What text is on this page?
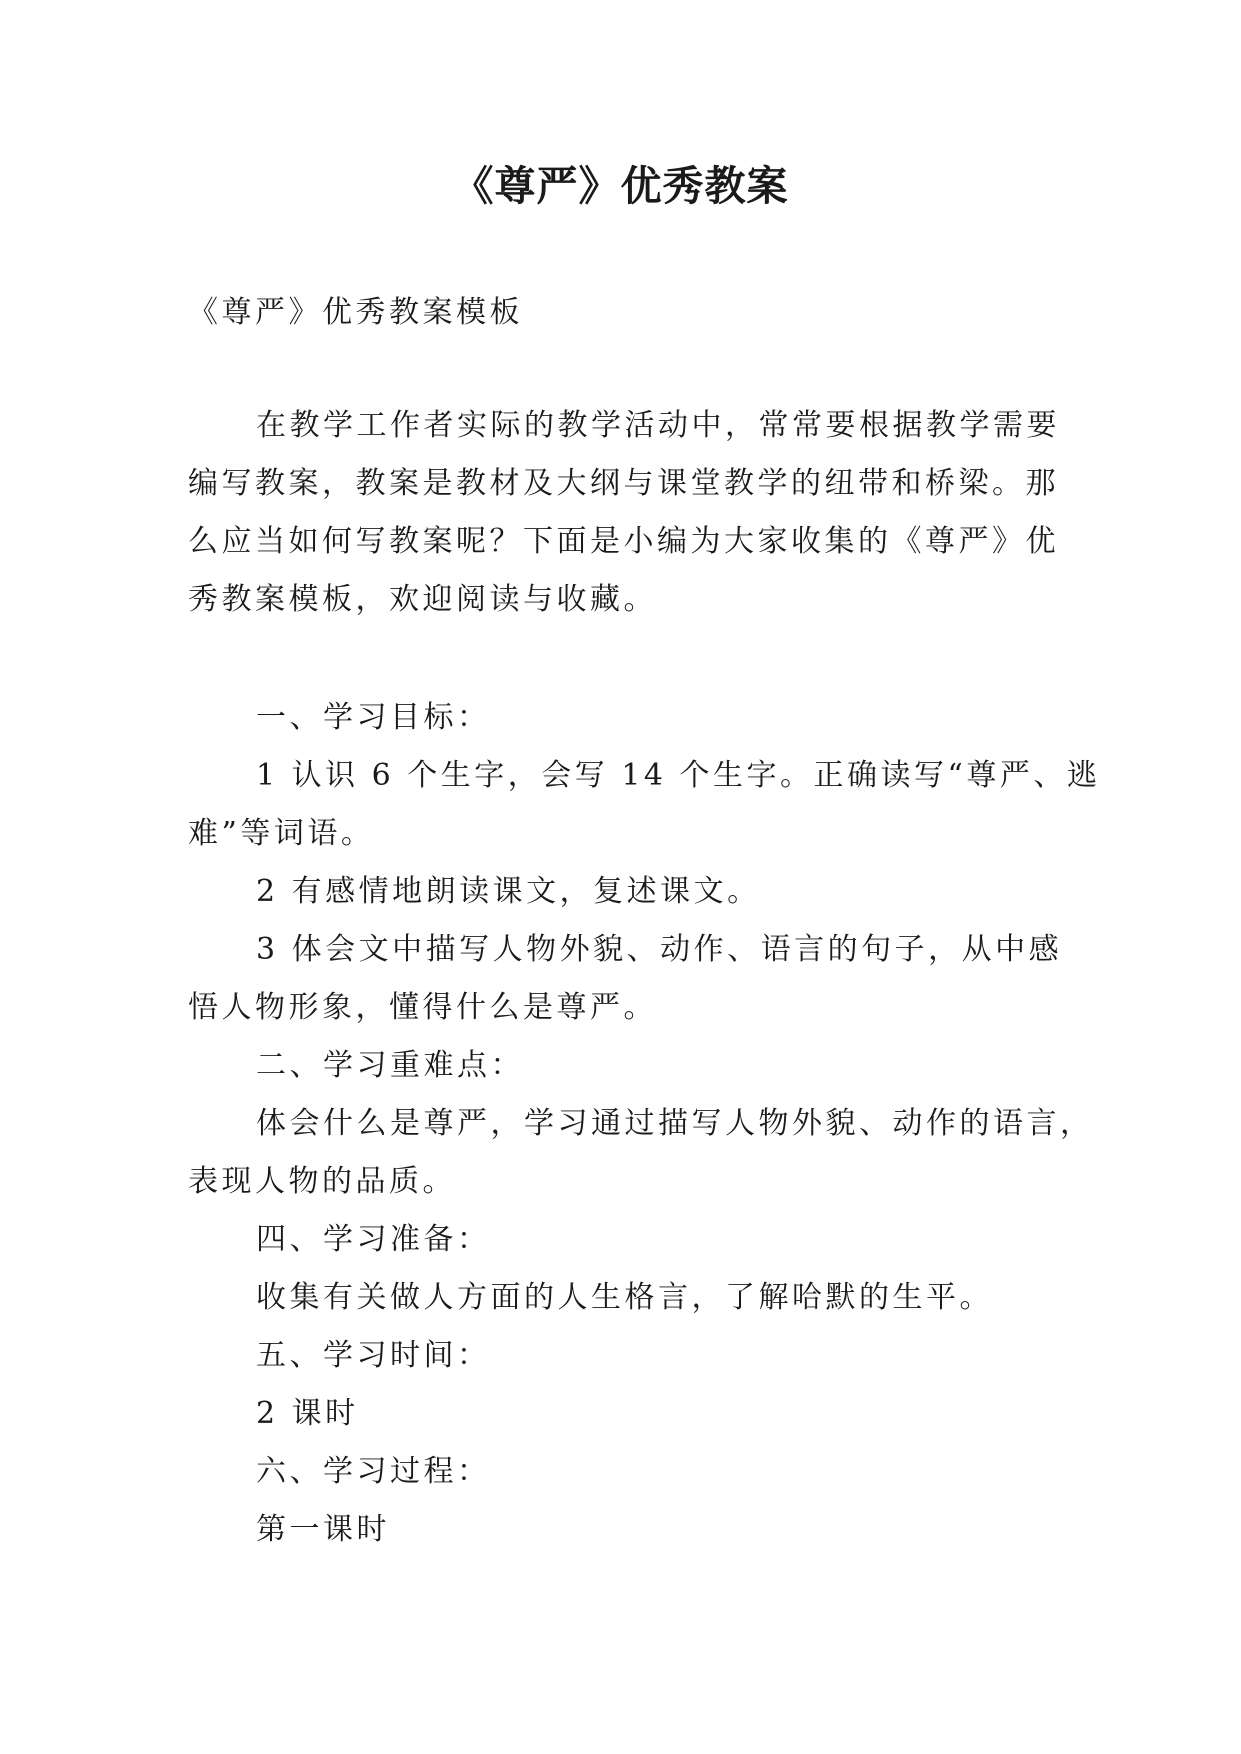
《尊严》优秀教案
《尊严》优秀教案模板
在教学工作者实际的教学活动中，常常要根据教学需要
编写教案，教案是教材及大纲与课堂教学的纽带和桥梁。那
么应当如何写教案呢？下面是小编为大家收集的《尊严》优
秀教案模板，欢迎阅读与收藏。
一、学习目标：
1 认识 6 个生字，会写 14 个生字。正确读写“尊严、逃
难”等词语。
2 有感情地朗读课文，复述课文。
3 体会文中描写人物外貌、动作、语言的句子，从中感
悟人物形象，懂得什么是尊严。
二、学习重难点：
体会什么是尊严，学习通过描写人物外貌、动作的语言，
表现人物的品质。
四、学习准备：
收集有关做人方面的人生格言，了解哈默的生平。
五、学习时间：
2 课时
六、学习过程：
第一课时
